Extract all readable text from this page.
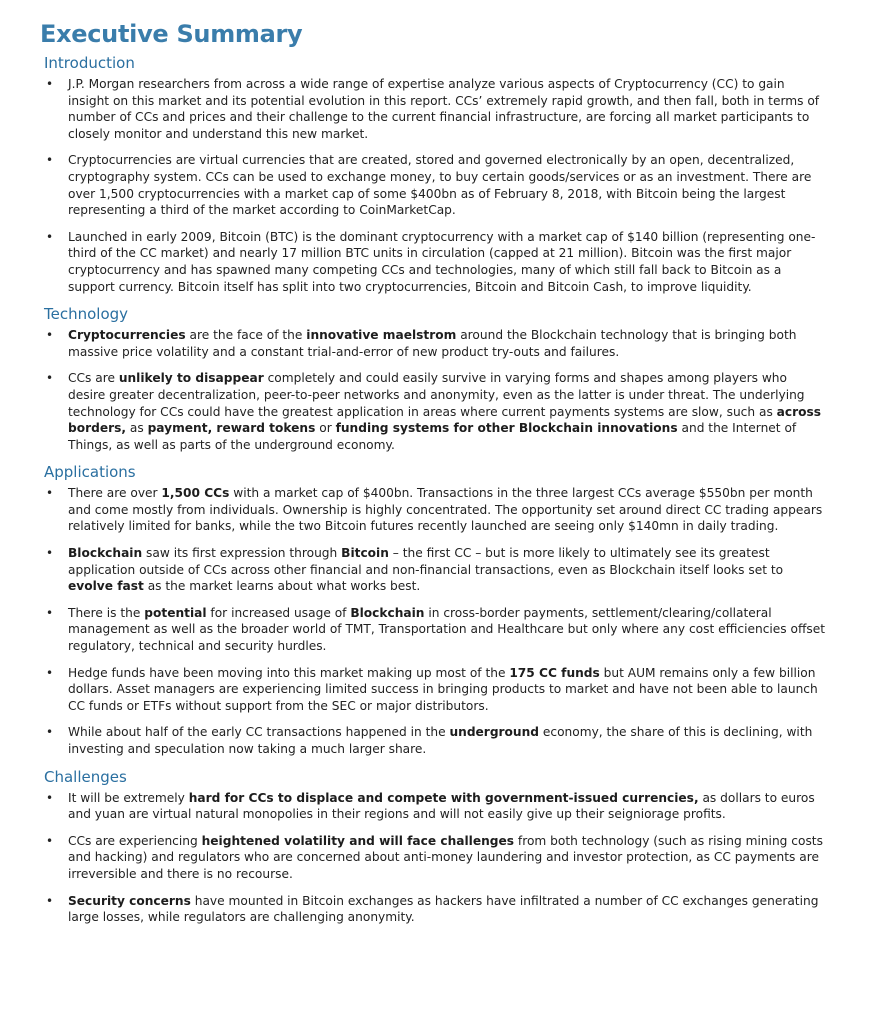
Executive Summary
Introduction
• J.P. Morgan researchers from across a wide range of expertise analyze various aspects of Cryptocurrency (CC) to gain insight on this market and its potential evolution in this report. CCs’ extremely rapid growth, and then fall, both in terms of number of CCs and prices and their challenge to the current financial infrastructure, are forcing all market participants to closely monitor and understand this new market.
• Cryptocurrencies are virtual currencies that are created, stored and governed electronically by an open, decentralized, cryptography system. CCs can be used to exchange money, to buy certain goods/services or as an investment. There are over 1,500 cryptocurrencies with a market cap of some $400bn as of February 8, 2018, with Bitcoin being the largest representing a third of the market according to CoinMarketCap.
• Launched in early 2009, Bitcoin (BTC) is the dominant cryptocurrency with a market cap of $140 billion (representing one-third of the CC market) and nearly 17 million BTC units in circulation (capped at 21 million). Bitcoin was the first major cryptocurrency and has spawned many competing CCs and technologies, many of which still fall back to Bitcoin as a support currency. Bitcoin itself has split into two cryptocurrencies, Bitcoin and Bitcoin Cash, to improve liquidity.
Technology
• Cryptocurrencies are the face of the innovative maelstrom around the Blockchain technology that is bringing both massive price volatility and a constant trial-and-error of new product try-outs and failures.
• CCs are unlikely to disappear completely and could easily survive in varying forms and shapes among players who desire greater decentralization, peer-to-peer networks and anonymity, even as the latter is under threat. The underlying technology for CCs could have the greatest application in areas where current payments systems are slow, such as across borders, as payment, reward tokens or funding systems for other Blockchain innovations and the Internet of Things, as well as parts of the underground economy.
Applications
• There are over 1,500 CCs with a market cap of $400bn. Transactions in the three largest CCs average $550bn per month and come mostly from individuals. Ownership is highly concentrated. The opportunity set around direct CC trading appears relatively limited for banks, while the two Bitcoin futures recently launched are seeing only $140mn in daily trading.
• Blockchain saw its first expression through Bitcoin – the first CC – but is more likely to ultimately see its greatest application outside of CCs across other financial and non-financial transactions, even as Blockchain itself looks set to evolve fast as the market learns about what works best.
• There is the potential for increased usage of Blockchain in cross-border payments, settlement/clearing/collateral management as well as the broader world of TMT, Transportation and Healthcare but only where any cost efficiencies offset regulatory, technical and security hurdles.
• Hedge funds have been moving into this market making up most of the 175 CC funds but AUM remains only a few billion dollars. Asset managers are experiencing limited success in bringing products to market and have not been able to launch CC funds or ETFs without support from the SEC or major distributors.
• While about half of the early CC transactions happened in the underground economy, the share of this is declining, with investing and speculation now taking a much larger share.
Challenges
• It will be extremely hard for CCs to displace and compete with government-issued currencies, as dollars to euros and yuan are virtual natural monopolies in their regions and will not easily give up their seigniorage profits.
• CCs are experiencing heightened volatility and will face challenges from both technology (such as rising mining costs and hacking) and regulators who are concerned about anti-money laundering and investor protection, as CC payments are irreversible and there is no recourse.
• Security concerns have mounted in Bitcoin exchanges as hackers have infiltrated a number of CC exchanges generating large losses, while regulators are challenging anonymity.
